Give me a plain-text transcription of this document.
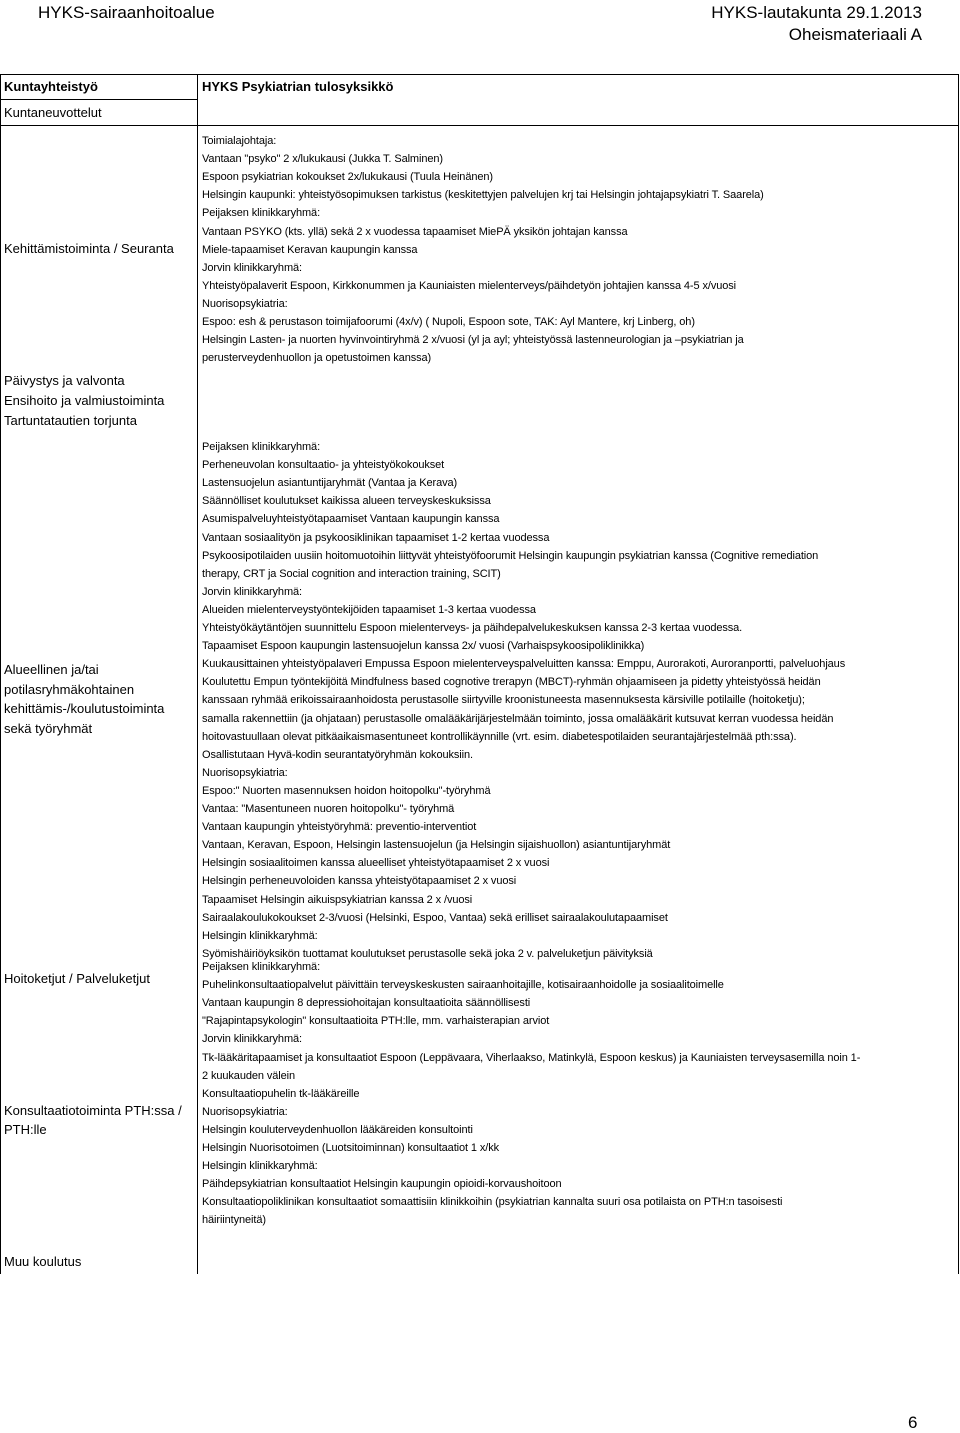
HYKS-sairaanhoitoalue	HYKS-lautakunta 29.1.2013
Oheismateriaali A
Kuntayhteistyö
Kuntaneuvottelut
HYKS Psykiatrian tulosyksikkö
Kehittämistoiminta / Seuranta
Päivystys ja valvonta
Ensihoito ja valmiustoiminta
Tartuntatautien torjunta
Alueellinen ja/tai
potilasryhmäkohtainen
kehittämis-/koulutustoiminta
sekä työryhmät
Hoitoketjut / Palveluketjut
Konsultaatiotoiminta PTH:ssa /
PTH:lle
Muu koulutus
Toimialajohtaja:
Vantaan "psyko" 2 x/lukukausi (Jukka T. Salminen)
Espoon psykiatrian kokoukset 2x/lukukausi (Tuula Heinänen)
Helsingin kaupunki: yhteistyösopimuksen tarkistus (keskitettyjen palvelujen krj tai Helsingin johtajapsykiatri T. Saarela)
Peijaksen klinikkaryhmä:
Vantaan PSYKO (kts. yllä) sekä 2 x vuodessa tapaamiset MiePÄ yksikön johtajan kanssa
Miele-tapaamiset Keravan kaupungin kanssa
Jorvin klinikkaryhmä:
Yhteistyöpalaverit Espoon, Kirkkonummen ja Kauniaisten mielenterveys/päihdetyön johtajien kanssa 4-5 x/vuosi
Nuorisopsykiatria:
Espoo: esh & perustason toimijafoorumi (4x/v) ( Nupoli, Espoon sote, TAK: Ayl Mantere, krj Linberg, oh)
Helsingin Lasten- ja nuorten hyvinvointiryhmä 2 x/vuosi (yl ja ayl; yhteistyössä lastenneurologian ja –psykiatrian ja
perusterveydenhuollon ja opetustoimen kanssa)
Peijaksen klinikkaryhmä:
Perheneuvolan konsultaatio- ja yhteistyökokoukset
Lastensuojelun asiantuntijaryhmät (Vantaa ja Kerava)
Säännölliset koulutukset kaikissa alueen terveyskeskuksissa
Asumispalveluyhteistyötapaamiset Vantaan kaupungin kanssa
Vantaan sosiaalityön ja psykoosiklinikan tapaamiset 1-2 kertaa vuodessa
Psykoosipotilaiden uusiin hoitomuotoihin liittyvät yhteistyöfoorumit Helsingin kaupungin psykiatrian kanssa (Cognitive remediation
therapy, CRT ja Social cognition and interaction training, SCIT)
Jorvin klinikkaryhmä:
Alueiden mielenterveystyöntekijöiden tapaamiset 1-3 kertaa vuodessa
Yhteistyökäytäntöjen suunnittelu Espoon mielenterveys- ja päihdepalvelukeskuksen kanssa 2-3 kertaa vuodessa.
Tapaamiset Espoon kaupungin lastensuojelun kanssa 2x/ vuosi (Varhaispsykoosipoliklinikka)
Kuukausittainen yhteistyöpalaveri Empussa Espoon mielenterveyspalveluitten kanssa: Emppu, Aurorakoti, Auroranportti, palveluohjaus
Koulutettu Empun työntekijöitä Mindfulness based cognotive trerapyn (MBCT)-ryhmän ohjaamiseen ja pidetty yhteistyössä heidän
kanssaan ryhmää erikoissairaanhoidosta perustasolle siirtyville kroonistuneesta masennuksesta kärsiville potilaille (hoitoketju);
samalla rakennettiin (ja ohjataan) perustasolle omalääkärijärjestelmään toiminto, jossa omalääkärit kutsuvat kerran vuodessa heidän
hoitovastuullaan olevat pitkäaikaismasentuneet kontrollikäynnille (vrt. esim. diabetespotilaiden seurantajärjestelmää pth:ssa).
Osallistutaan Hyvä-kodin seurantatyöryhmän kokouksiin.
Nuorisopsykiatria:
Espoo:" Nuorten masennuksen hoidon hoitopolku"-työryhmä
Vantaa: "Masentuneen nuoren hoitopolku"- työryhmä
Vantaan kaupungin yhteistyöryhmä: preventio-interventiot
Vantaan, Keravan, Espoon, Helsingin lastensuojelun (ja Helsingin sijaishuollon) asiantuntijaryhmät
Helsingin sosiaalitoimen kanssa alueelliset yhteistyötapaamiset 2 x vuosi
Helsingin perheneuvoloiden kanssa yhteistyötapaamiset 2 x vuosi
Tapaamiset Helsingin aikuispsykiatrian kanssa 2 x /vuosi
Sairaalakoulukokoukset 2-3/vuosi (Helsinki, Espoo, Vantaa) sekä erilliset sairaalakoulutapaamiset
Helsingin klinikkaryhmä:
Syömishäiriöyksikön tuottamat koulutukset perustasolle sekä joka 2 v. palveluketjun päivityksiä
Peijaksen klinikkaryhmä:
Puhelinkonsultaatiopalvelut päivittäin terveyskeskusten sairaanhoitajille, kotisairaanhoidolle ja sosiaalitoimelle
Vantaan kaupungin 8 depressiohoitajan konsultaatioita säännöllisesti
"Rajapintapsykologin" konsultaatioita PTH:lle, mm. varhaisterapian arviot
Jorvin klinikkaryhmä:
Tk-lääkäritapaamiset ja konsultaatiot Espoon (Leppävaara, Viherlaakso, Matinkylä, Espoon keskus) ja Kauniaisten terveysasemilla noin 1-
2 kuukauden välein
Konsultaatiopuhelin tk-lääkäreille
Nuorisopsykiatria:
Helsingin kouluterveydenhuollon lääkäreiden konsultointi
Helsingin Nuorisotoimen (Luotsitoiminnan) konsultaatiot 1 x/kk
Helsingin klinikkaryhmä:
Päihdepsykiatrian konsultaatiot Helsingin kaupungin opioidi-korvaushoitoon
Konsultaatiopoliklinikan konsultaatiot somaattisiin klinikkoihin (psykiatrian kannalta suuri osa potilaista on PTH:n tasoisesti
häiriintyneitä)
6
